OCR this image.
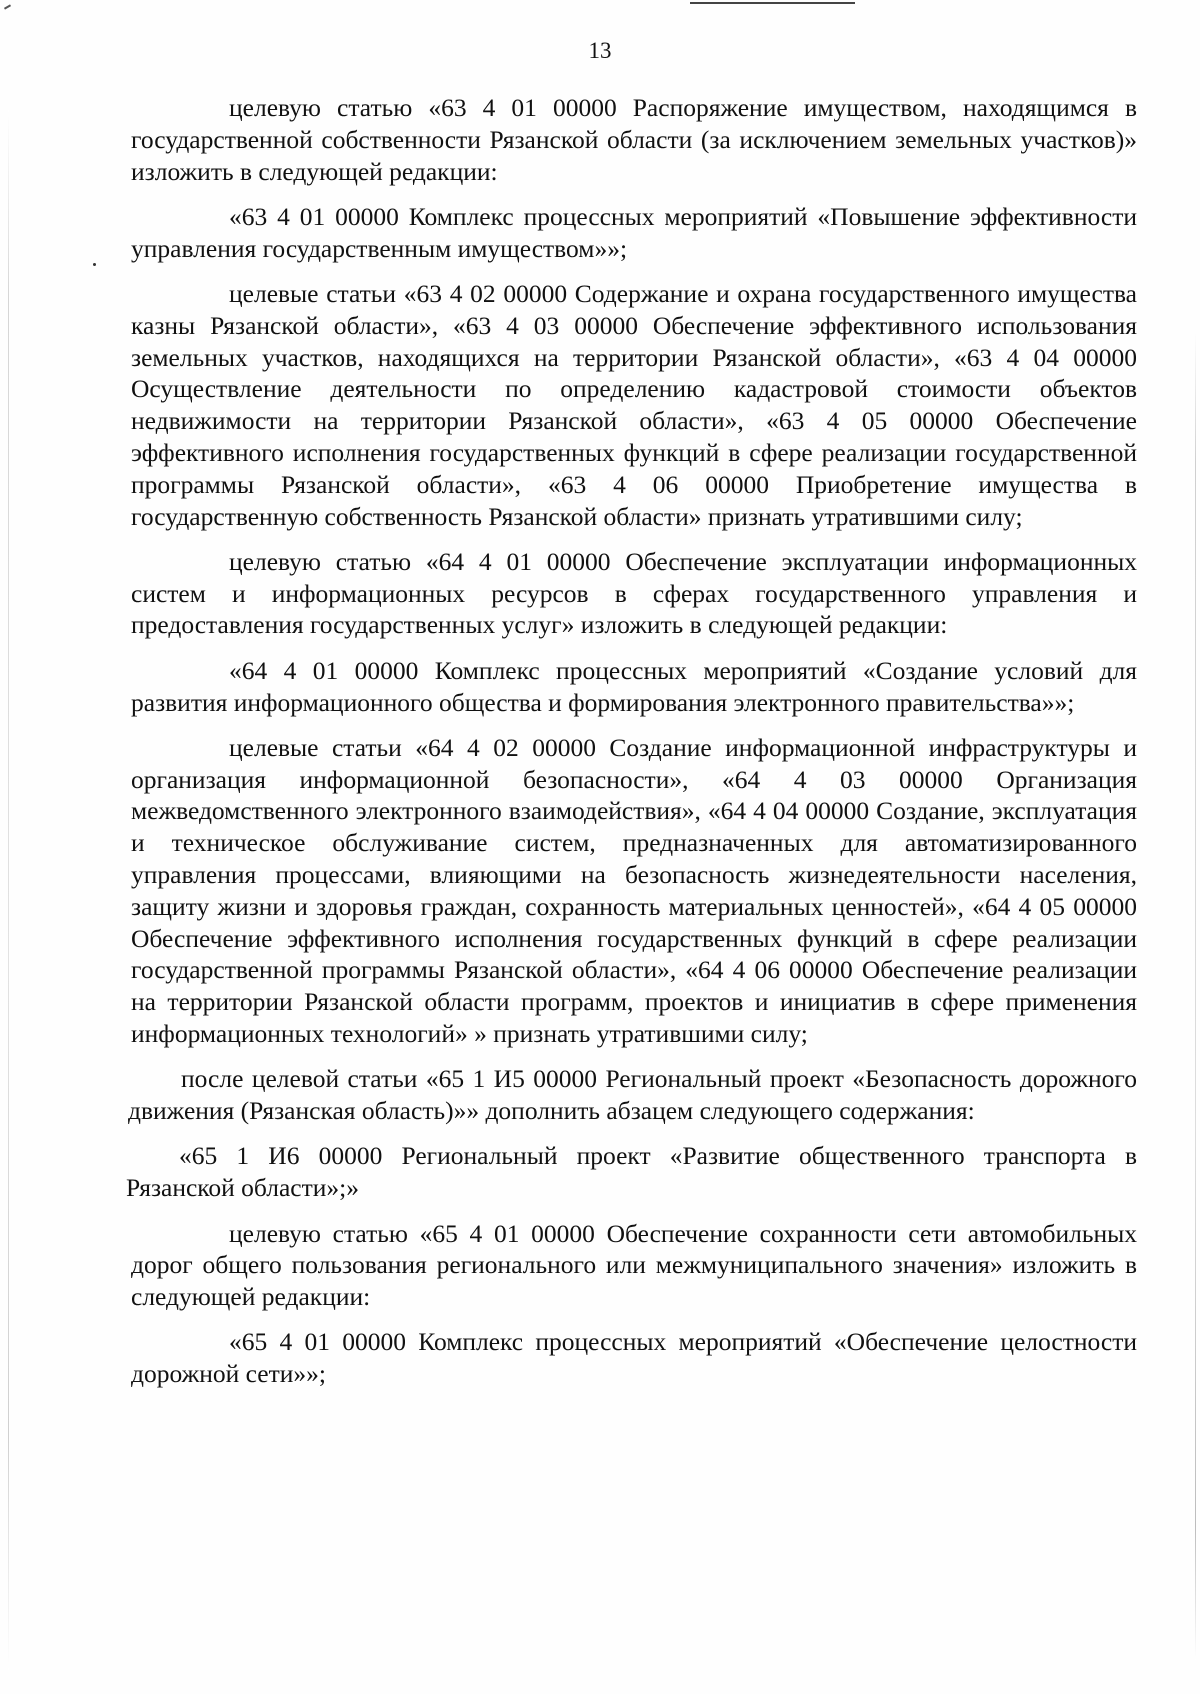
13

целевую статью «63 4 01 00000 Распоряжение имуществом, находящимся в государственной собственности Рязанской области (за исключением земельных участков)» изложить в следующей редакции:

«63 4 01 00000 Комплекс процессных мероприятий «Повышение эффективности управления государственным имуществом»»;

целевые статьи «63 4 02 00000 Содержание и охрана государственного имущества казны Рязанской области», «63 4 03 00000 Обеспечение эффективного использования земельных участков, находящихся на территории Рязанской области», «63 4 04 00000 Осуществление деятельности по определению кадастровой стоимости объектов недвижимости на территории Рязанской области», «63 4 05 00000 Обеспечение эффективного исполнения государственных функций в сфере реализации государственной программы Рязанской области», «63 4 06 00000 Приобретение имущества в государственную собственность Рязанской области» признать утратившими силу;

целевую статью «64 4 01 00000 Обеспечение эксплуатации информационных систем и информационных ресурсов в сферах государственного управления и предоставления государственных услуг» изложить в следующей редакции:

«64 4 01 00000 Комплекс процессных мероприятий «Создание условий для развития информационного общества и формирования электронного правительства»»;

целевые статьи «64 4 02 00000 Создание информационной инфраструктуры и организация информационной безопасности», «64 4 03 00000 Организация межведомственного электронного взаимодействия», «64 4 04 00000 Создание, эксплуатация и техническое обслуживание систем, предназначенных для автоматизированного управления процессами, влияющими на безопасность жизнедеятельности населения, защиту жизни и здоровья граждан, сохранность материальных ценностей», «64 4 05 00000 Обеспечение эффективного исполнения государственных функций в сфере реализации государственной программы Рязанской области», «64 4 06 00000 Обеспечение реализации на территории Рязанской области программ, проектов и инициатив в сфере применения информационных технологий» » признать утратившими силу;

после целевой статьи «65 1 И5 00000 Региональный проект «Безопасность дорожного движения (Рязанская область)»» дополнить абзацем следующего содержания:

«65 1 И6 00000 Региональный проект «Развитие общественного транспорта в Рязанской области»;»

целевую статью «65 4 01 00000 Обеспечение сохранности сети автомобильных дорог общего пользования регионального или межмуниципального значения» изложить в следующей редакции:

«65 4 01 00000 Комплекс процессных мероприятий «Обеспечение целостности дорожной сети»»;
